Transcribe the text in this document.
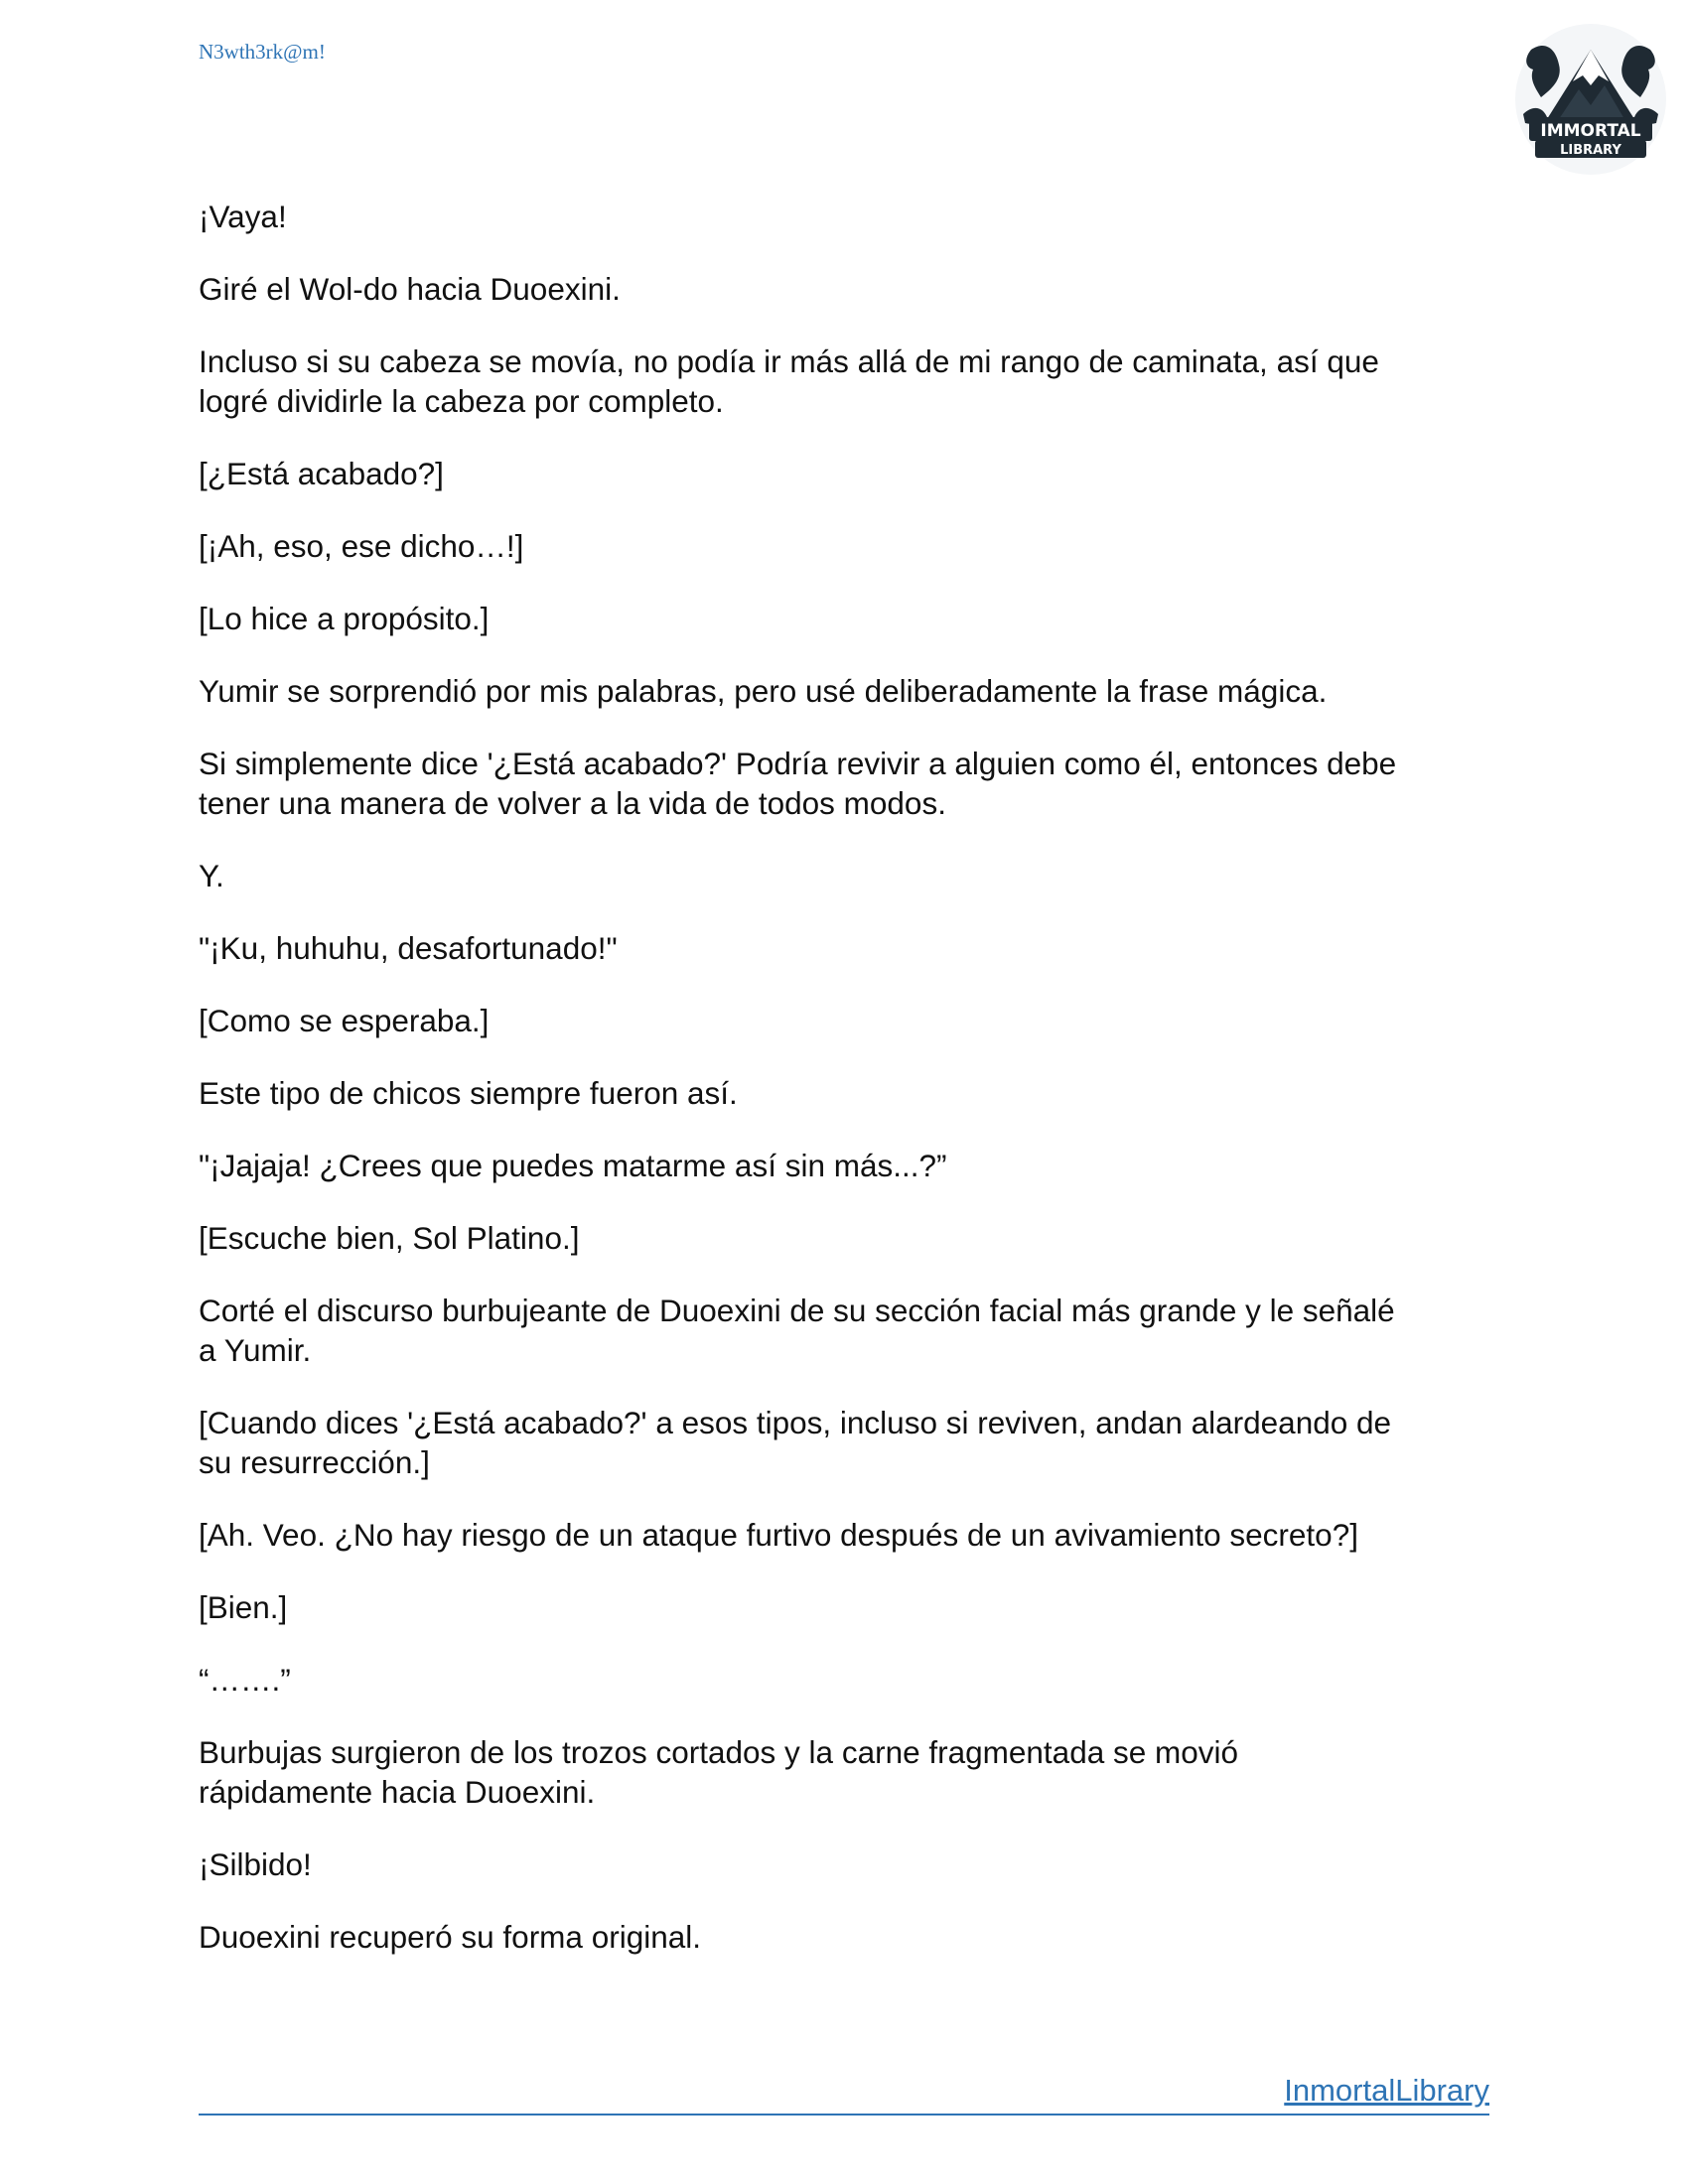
N3wth3rk@m!
IMMORTAL
LIBRARY

¡Vaya!

Giré el Wol-do hacia Duoexini.

Incluso si su cabeza se movía, no podía ir más allá de mi rango de caminata, así que
logré dividirle la cabeza por completo.

[¿Está acabado?]

[¡Ah, eso, ese dicho…!]

[Lo hice a propósito.]

Yumir se sorprendió por mis palabras, pero usé deliberadamente la frase mágica.

Si simplemente dice '¿Está acabado?' Podría revivir a alguien como él, entonces debe
tener una manera de volver a la vida de todos modos.

Y.

"¡Ku, huhuhu, desafortunado!"

[Como se esperaba.]

Este tipo de chicos siempre fueron así.

"¡Jajaja! ¿Crees que puedes matarme así sin más...?”

[Escuche bien, Sol Platino.]

Corté el discurso burbujeante de Duoexini de su sección facial más grande y le señalé
a Yumir.

[Cuando dices '¿Está acabado?' a esos tipos, incluso si reviven, andan alardeando de
su resurrección.]

[Ah. Veo. ¿No hay riesgo de un ataque furtivo después de un avivamiento secreto?]

[Bien.]

“…….”

Burbujas surgieron de los trozos cortados y la carne fragmentada se movió
rápidamente hacia Duoexini.

¡Silbido!

Duoexini recuperó su forma original.

InmortalLibrary
